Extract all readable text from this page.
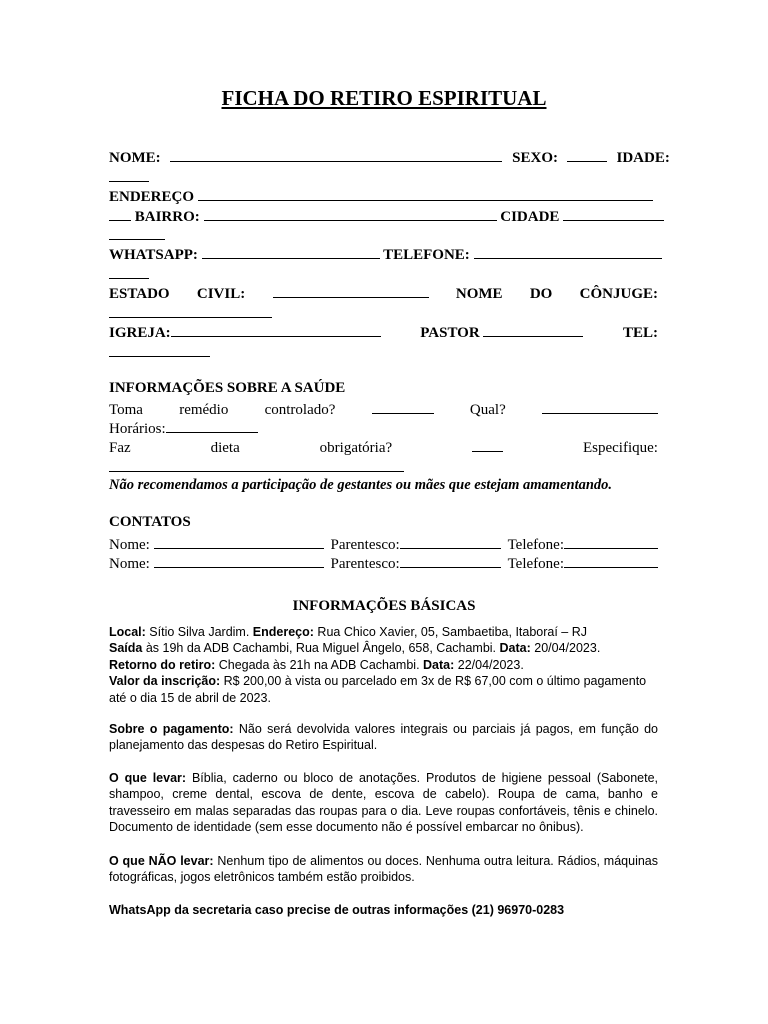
FICHA DO RETIRO ESPIRITUAL
NOME:	SEXO:	IDADE:
ENDEREÇO
BAIRRO:	CIDADE
WHATSAPP:	TELEFONE:
ESTADO CIVIL:	NOME DO CÔNJUGE:
IGREJA:	PASTOR	TEL:
INFORMAÇÕES SOBRE A SAÚDE
Toma remédio controlado?	Qual?
Horários:
Faz	dieta	obrigatória?	Especifique:
Não recomendamos a participação de gestantes ou mães que estejam amamentando.
CONTATOS
Nome:	Parentesco:	Telefone:
Nome:	Parentesco:	Telefone:
INFORMAÇÕES BÁSICAS
Local: Sítio Silva Jardim. Endereço: Rua Chico Xavier, 05, Sambaetiba, Itaboraí – RJ
Saída às 19h da ADB Cachambi, Rua Miguel Ângelo, 658, Cachambi. Data: 20/04/2023.
Retorno do retiro: Chegada às 21h na ADB Cachambi. Data: 22/04/2023.
Valor da inscrição: R$ 200,00 à vista ou parcelado em 3x de R$ 67,00 com o último pagamento até o dia 15 de abril de 2023.
Sobre o pagamento: Não será devolvida valores integrais ou parciais já pagos, em função do planejamento das despesas do Retiro Espiritual.
O que levar: Bíblia, caderno ou bloco de anotações. Produtos de higiene pessoal (Sabonete, shampoo, creme dental, escova de dente, escova de cabelo). Roupa de cama, banho e travesseiro em malas separadas das roupas para o dia. Leve roupas confortáveis, tênis e chinelo. Documento de identidade (sem esse documento não é possível embarcar no ônibus).
O que NÃO levar: Nenhum tipo de alimentos ou doces. Nenhuma outra leitura. Rádios, máquinas fotográficas, jogos eletrônicos também estão proibidos.
WhatsApp da secretaria caso precise de outras informações (21) 96970-0283
